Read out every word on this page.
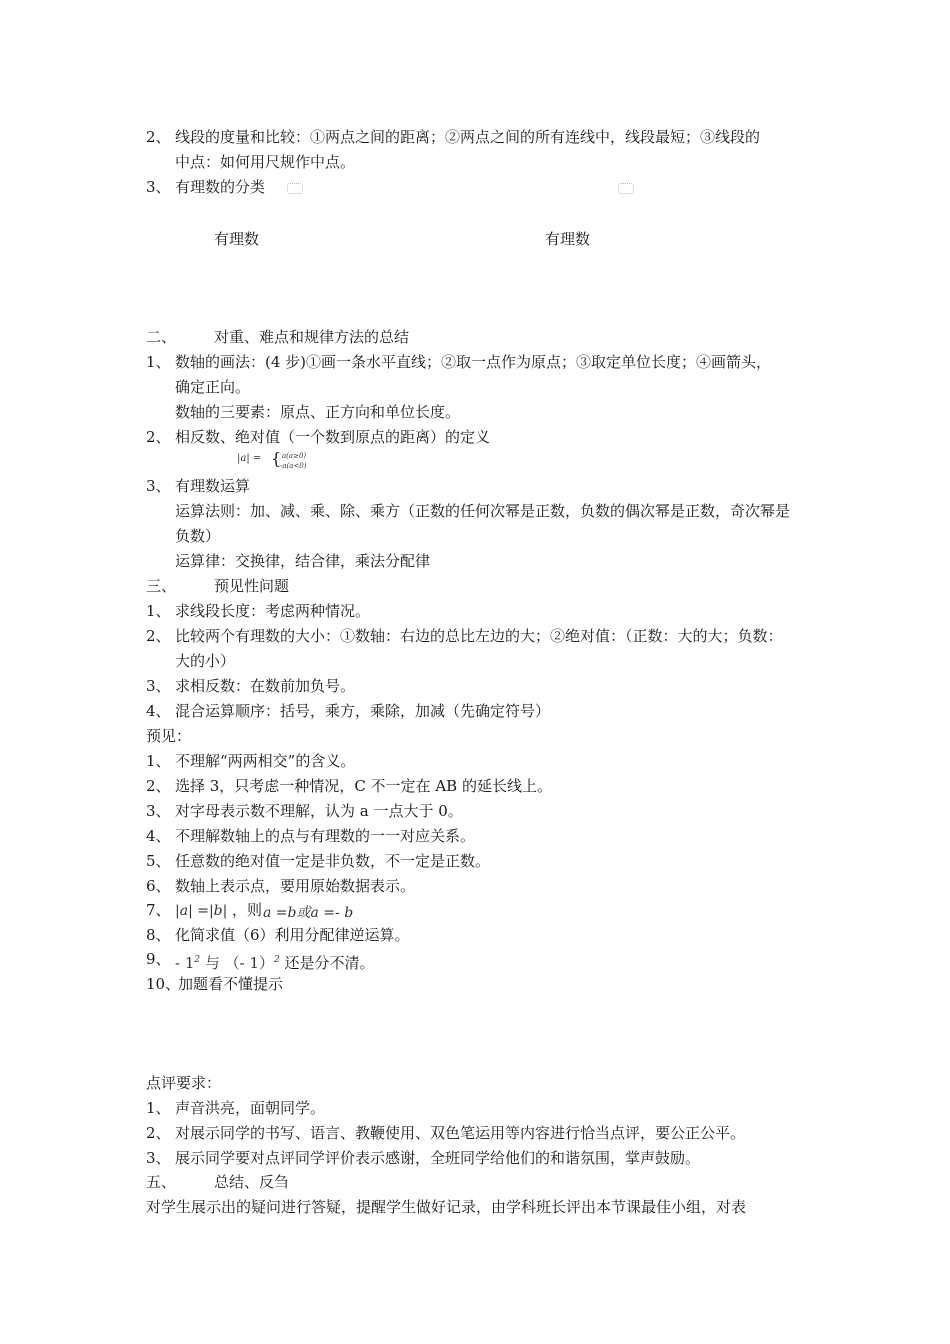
2、 线段的度量和比较：①两点之间的距离；②两点之间的所有连线中，线段最短；③线段的
中点：如何用尺规作中点。
3、 有理数的分类
有理数	有理数
二、	对重、难点和规律方法的总结
1、 数轴的画法：(4 步)①画一条水平直线；②取一点作为原点；③取定单位长度；④画箭头，
确定正向。
数轴的三要素：原点、正方向和单位长度。
2、 相反数、绝对值（一个数到原点的距离）的定义
|a| = { a(a≥0)
-a(a<0)
3、 有理数运算
运算法则：加、减、乘、除、乘方（正数的任何次幂是正数，负数的偶次幂是正数，奇次幂是
负数）
运算律：交换律，结合律，乘法分配律
三、	预见性问题
1、 求线段长度：考虑两种情况。
2、 比较两个有理数的大小：①数轴：右边的总比左边的大；②绝对值：（正数：大的大；负数：
大的小）
3、 求相反数：在数前加负号。
4、 混合运算顺序：括号，乘方，乘除，加减（先确定符号）
预见：
1、 不理解“两两相交”的含义。
2、 选择 3，只考虑一种情况，C 不一定在 AB 的延长线上。
3、 对字母表示数不理解，认为 a 一点大于 0。
4、 不理解数轴上的点与有理数的一一对应关系。
5、 任意数的绝对值一定是非负数，不一定是正数。
6、 数轴上表示点，要用原始数据表示。
7、 |a| =|b| ，则 a =b或a =- b
8、 化简求值（6）利用分配律逆运算。
9、 - $1^2$ 与 （- 1）$^2$ 还是分不清。
10、
加题看不懂提示
点评要求：
1、 声音洪亮，面朝同学。
2、 对展示同学的书写、语言、教鞭使用、双色笔运用等内容进行恰当点评，要公正公平。
3、 展示同学要对点评同学评价表示感谢，全班同学给他们的和谐氛围，掌声鼓励。
五、	总结、反刍
对学生展示出的疑问进行答疑，提醒学生做好记录，由学科班长评出本节课最佳小组，对表
